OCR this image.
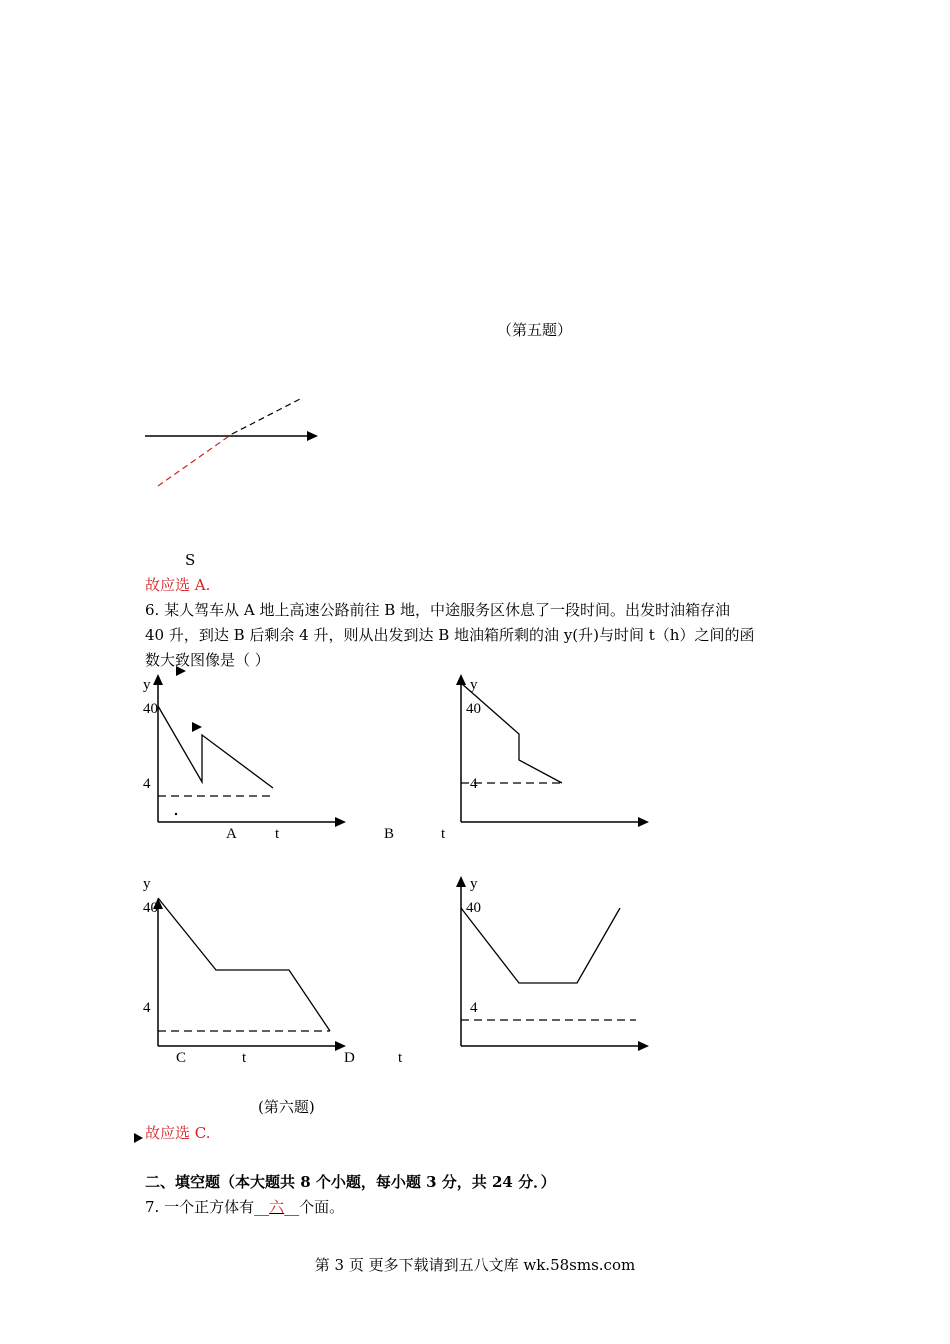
（第五题）
S
故应选 A.
6. 某人驾车从 A 地上高速公路前往 B 地，中途服务区休息了一段时间。出发时油箱存油
40 升，到达 B 后剩余 4 升，则从出发到达 B 地油箱所剩的油 y(升)与时间 t（h）之间的函
数大致图像是（ ）
y
40
4
A	t
y
40
4
B	t
y
40
4
C	t
y
40
4
D	t
(第六题)
故应选 C.
二、填空题（本大题共 8 个小题，每小题 3 分，共 24 分．）
7. 一个正方体有__六__个面。
第 3 页 更多下载请到五八文库 wk.58sms.com
